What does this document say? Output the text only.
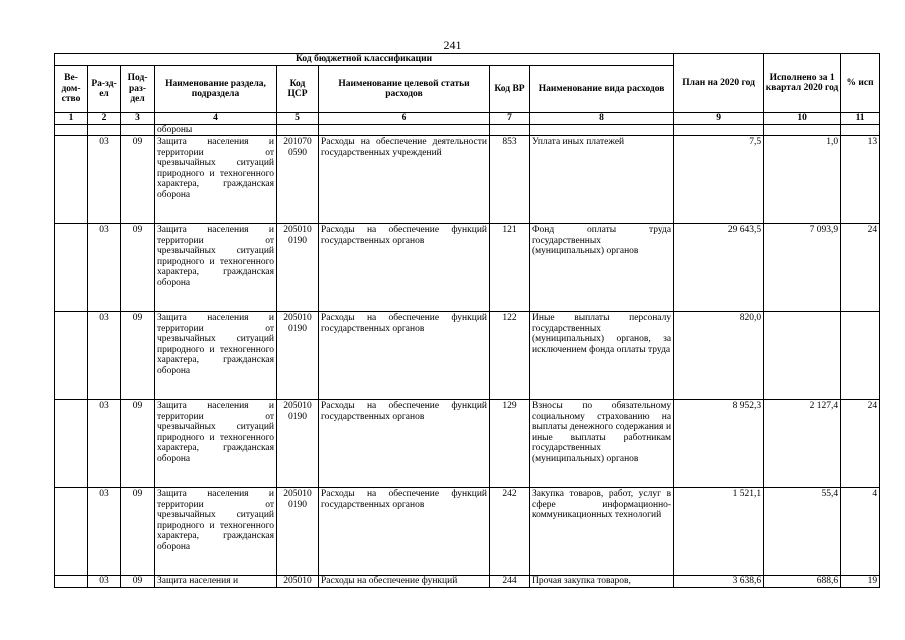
241
Код бюджетной классификации								План на 2020 год	Исполнено за 1 квартал 2020 год	% исп
Ве-дом-ство	Ра-зд-ел	Под-раз-дел	Наименование раздела, подраздела	Код ЦСР	Наименование целевой статьи расходов	Код ВР	Наименование вида расходов			
1	2	3	4	5	6	7	8	9	10	11
			обороны							
	03	09	Защита населения и территории от чрезвычайных ситуаций природного и техногенного характера, гражданская оборона	201070 0590	Расходы на обеспечение деятельности государственных учреждений	853	Уплата иных платежей	7,5	1,0	13
	03	09	Защита населения и территории от чрезвычайных ситуаций природного и техногенного характера, гражданская оборона	205010 0190	Расходы на обеспечение функций государственных органов	121	Фонд оплаты труда государственных (муниципальных) органов	29 643,5	7 093,9	24
	03	09	Защита населения и территории от чрезвычайных ситуаций природного и техногенного характера, гражданская оборона	205010 0190	Расходы на обеспечение функций государственных органов	122	Иные выплаты персоналу государственных (муниципальных) органов, за исключением фонда оплаты труда	820,0		
	03	09	Защита населения и территории от чрезвычайных ситуаций природного и техногенного характера, гражданская оборона	205010 0190	Расходы на обеспечение функций государственных органов	129	Взносы по обязательному социальному страхованию на выплаты денежного содержания и иные выплаты работникам государственных (муниципальных) органов	8 952,3	2 127,4	24
	03	09	Защита населения и территории от чрезвычайных ситуаций природного и техногенного характера, гражданская оборона	205010 0190	Расходы на обеспечение функций государственных органов	242	Закупка товаров, работ, услуг в сфере информационно-коммуникационных технологий	1 521,1	55,4	4
	03	09	Защита населения и	205010	Расходы на обеспечение функций	244	Прочая закупка товаров,	3 638,6	688,6	19
